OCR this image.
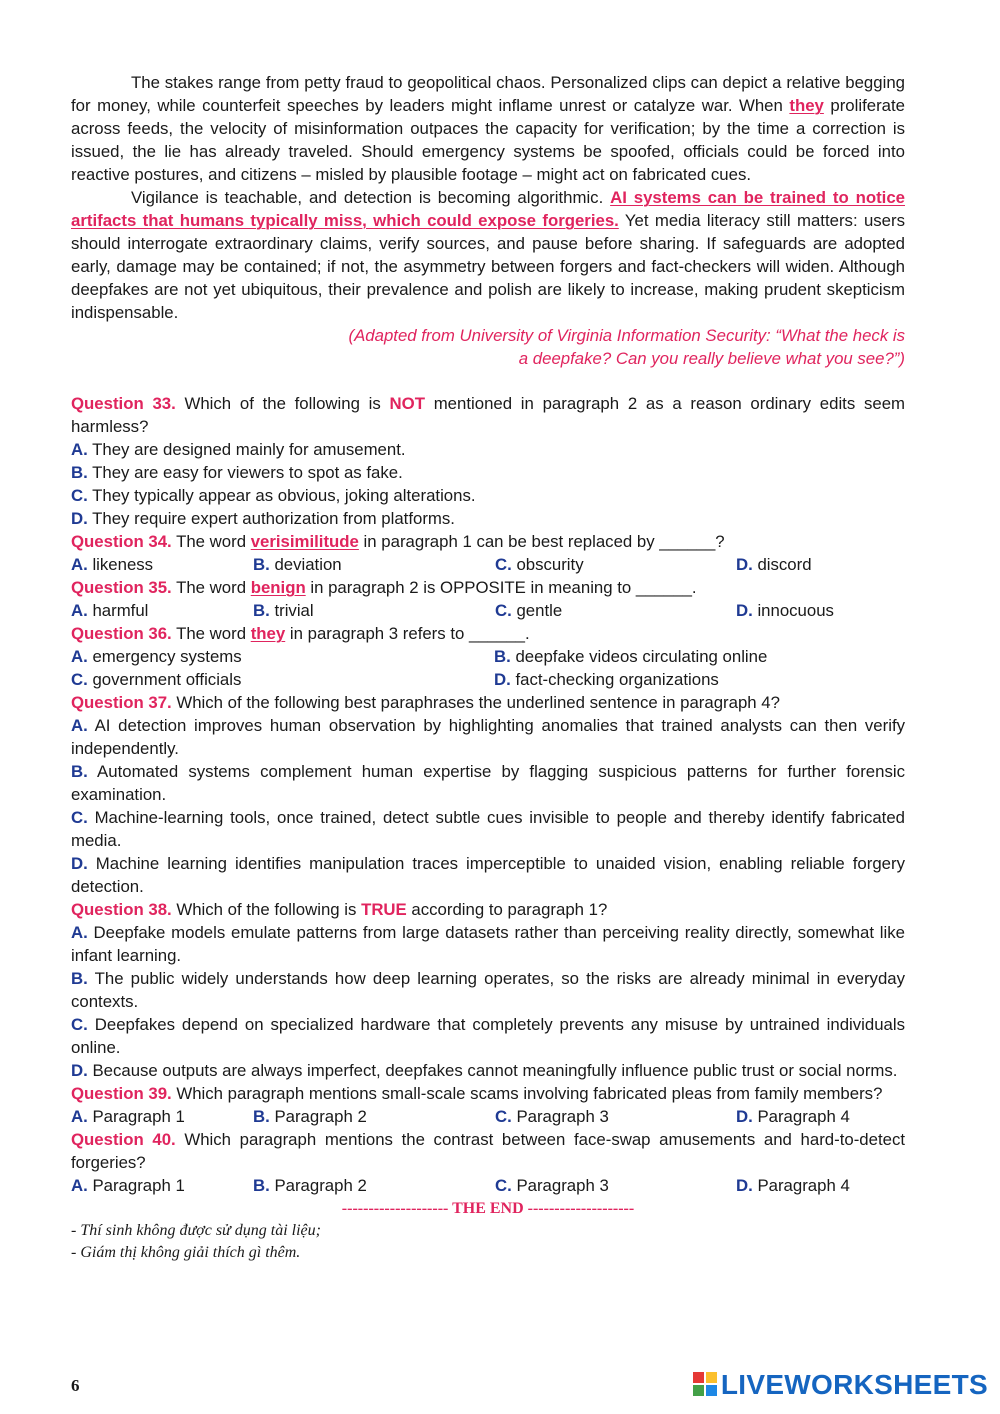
The stakes range from petty fraud to geopolitical chaos. Personalized clips can depict a relative begging for money, while counterfeit speeches by leaders might inflame unrest or catalyze war. When they proliferate across feeds, the velocity of misinformation outpaces the capacity for verification; by the time a correction is issued, the lie has already traveled. Should emergency systems be spoofed, officials could be forced into reactive postures, and citizens – misled by plausible footage – might act on fabricated cues.

Vigilance is teachable, and detection is becoming algorithmic. AI systems can be trained to notice artifacts that humans typically miss, which could expose forgeries. Yet media literacy still matters: users should interrogate extraordinary claims, verify sources, and pause before sharing. If safeguards are adopted early, damage may be contained; if not, the asymmetry between forgers and fact-checkers will widen. Although deepfakes are not yet ubiquitous, their prevalence and polish are likely to increase, making prudent skepticism indispensable.

(Adapted from University of Virginia Information Security: “What the heck is

a deepfake? Can you really believe what you see?”)

Question 33. Which of the following is NOT mentioned in paragraph 2 as a reason ordinary edits seem harmless?

A. They are designed mainly for amusement.

B. They are easy for viewers to spot as fake.

C. They typically appear as obvious, joking alterations.

D. They require expert authorization from platforms.

Question 34. The word verisimilitude in paragraph 1 can be best replaced by ______?

A. likeness	B. deviation	C. obscurity	D. discord

Question 35. The word benign in paragraph 2 is OPPOSITE in meaning to ______.

A. harmful	B. trivial	C. gentle	D. innocuous

Question 36. The word they in paragraph 3 refers to ______.

A. emergency systems	B. deepfake videos circulating online
C. government officials	D. fact-checking organizations

Question 37. Which of the following best paraphrases the underlined sentence in paragraph 4?

A. AI detection improves human observation by highlighting anomalies that trained analysts can then verify independently.

B. Automated systems complement human expertise by flagging suspicious patterns for further forensic examination.

C. Machine-learning tools, once trained, detect subtle cues invisible to people and thereby identify fabricated media.

D. Machine learning identifies manipulation traces imperceptible to unaided vision, enabling reliable forgery detection.

Question 38. Which of the following is TRUE according to paragraph 1?

A. Deepfake models emulate patterns from large datasets rather than perceiving reality directly, somewhat like infant learning.

B. The public widely understands how deep learning operates, so the risks are already minimal in everyday contexts.

C. Deepfakes depend on specialized hardware that completely prevents any misuse by untrained individuals online.

D. Because outputs are always imperfect, deepfakes cannot meaningfully influence public trust or social norms.

Question 39. Which paragraph mentions small-scale scams involving fabricated pleas from family members?

A. Paragraph 1	B. Paragraph 2	C. Paragraph 3	D. Paragraph 4

Question 40. Which paragraph mentions the contrast between face-swap amusements and hard-to-detect forgeries?

A. Paragraph 1	B. Paragraph 2	C. Paragraph 3	D. Paragraph 4

-------------------- THE END --------------------

- Thí sinh không được sử dụng tài liệu;

- Giám thị không giải thích gì thêm.

6	LIVEWORKSHEETS
